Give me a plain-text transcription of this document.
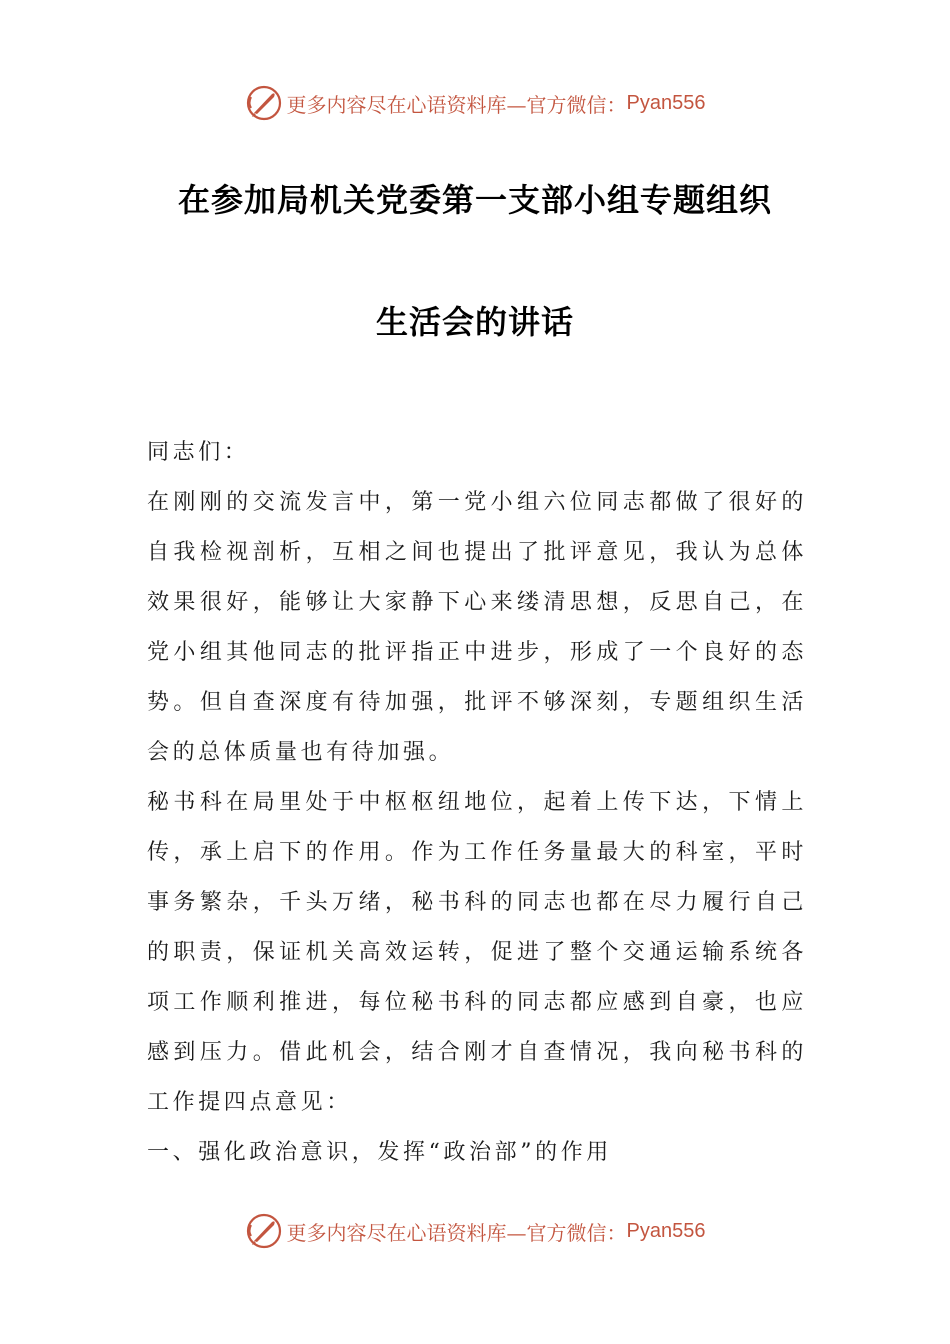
更多内容尽在心语资料库—官方微信： Pyan556
在参加局机关党委第一支部小组专题组织
生活会的讲话

同志们：

在刚刚的交流发言中，第一党小组六位同志都做了很好的自我检视剖析，互相之间也提出了批评意见，我认为总体效果很好，能够让大家静下心来缕清思想，反思自己，在党小组其他同志的批评指正中进步，形成了一个良好的态势。但自查深度有待加强，批评不够深刻，专题组织生活会的总体质量也有待加强。

秘书科在局里处于中枢枢纽地位，起着上传下达，下情上传，承上启下的作用。作为工作任务量最大的科室，平时事务繁杂，千头万绪，秘书科的同志也都在尽力履行自己的职责，保证机关高效运转，促进了整个交通运输系统各项工作顺利推进，每位秘书科的同志都应感到自豪，也应感到压力。借此机会，结合刚才自查情况，我向秘书科的工作提四点意见：

一、强化政治意识，发挥“政治部”的作用

更多内容尽在心语资料库—官方微信： Pyan556
